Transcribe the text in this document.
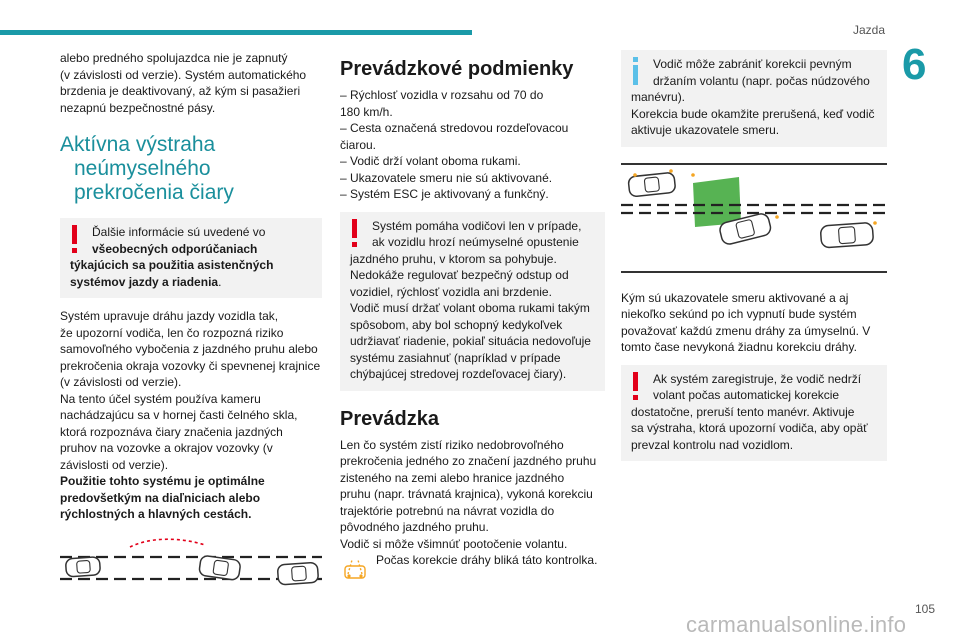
Jazda
6

alebo predného spolujazdca nie je zapnutý

(v závislosti od verzie). Systém automatického

brzdenia je deaktivovaný, až kým si pasažieri

nezapnú bezpečnostné pásy.

Aktívna výstraha
neúmyselného
prekročenia čiary

Ďalšie informácie sú uvedené vo

všeobecných odporúčaniach

týkajúcich sa použitia asistenčných

systémov jazdy a riadenia.

Systém upravuje dráhu jazdy vozidla tak,

že upozorní vodiča, len čo rozpozná riziko

samovoľného vybočenia z jazdného pruhu alebo

prekročenia okraja vozovky či spevnenej krajnice

(v závislosti od verzie).

Na tento účel systém používa kameru

nachádzajúcu sa v hornej časti čelného skla,

ktorá rozpoznáva čiary značenia jazdných

pruhov na vozovke a okrajov vozovky (v

závislosti od verzie).

Použitie tohto systému je optimálne

predovšetkým na diaľniciach alebo

rýchlostných a hlavných cestách.

Prevádzkové podmienky

– Rýchlosť vozidla v rozsahu od 70 do

180 km/h.

– Cesta označená stredovou rozdeľovacou

čiarou.

– Vodič drží volant oboma rukami.

– Ukazovatele smeru nie sú aktivované.

– Systém ESC je aktivovaný a funkčný.

Systém pomáha vodičovi len v prípade,

ak vozidlu hrozí neúmyselné opustenie

jazdného pruhu, v ktorom sa pohybuje.

Nedokáže regulovať bezpečný odstup od

vozidiel, rýchlosť vozidla ani brzdenie.

Vodič musí držať volant oboma rukami takým

spôsobom, aby bol schopný kedykoľvek

udržiavať riadenie, pokiaľ situácia nedovoľuje

systému zasiahnuť (napríklad v prípade

chýbajúcej stredovej rozdeľovacej čiary).

Prevádzka

Len čo systém zistí riziko nedobrovoľného

prekročenia jedného zo značení jazdného pruhu

zisteného na zemi alebo hranice jazdného

pruhu (napr. trávnatá krajnica), vykoná korekciu

trajektórie potrebnú na návrat vozidla do

pôvodného jazdného pruhu.

Vodič si môže všimnúť pootočenie volantu.

Počas korekcie dráhy bliká táto kontrolka.

Vodič môže zabrániť korekcii pevným

držaním volantu (napr. počas núdzového

manévru).

Korekcia bude okamžite prerušená, keď vodič

aktivuje ukazovatele smeru.

Kým sú ukazovatele smeru aktivované a aj

niekoľko sekúnd po ich vypnutí bude systém

považovať každú zmenu dráhy za úmyselnú. V

tomto čase nevykoná žiadnu korekciu dráhy.

Ak systém zaregistruje, že vodič nedrží

volant počas automatickej korekcie

dostatočne, preruší tento manévr. Aktivuje

sa výstraha, ktorá upozorní vodiča, aby opäť

prevzal kontrolu nad vozidlom.

105
carmanualsonline.info
